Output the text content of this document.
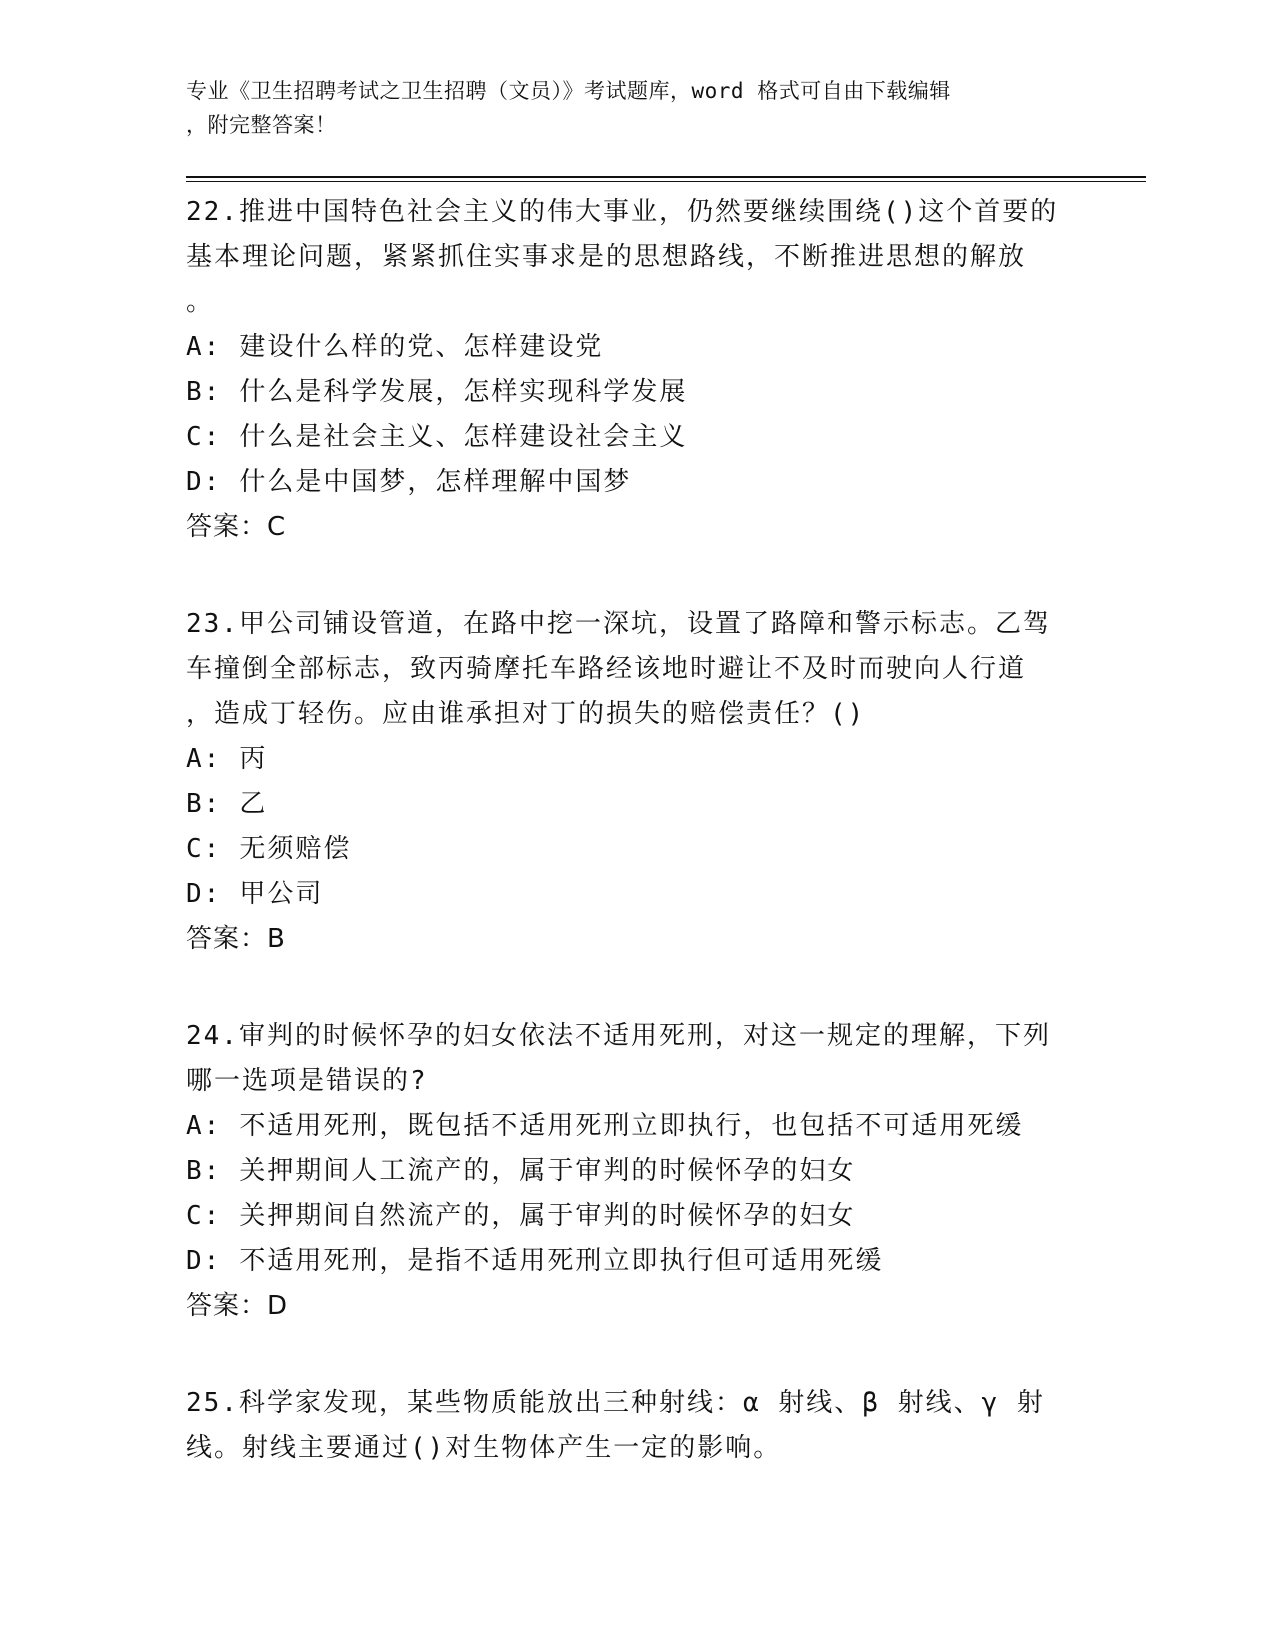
专业《卫生招聘考试之卫生招聘（文员）》考试题库，word 格式可自由下载编辑
，附完整答案！
22.推进中国特色社会主义的伟大事业，仍然要继续围绕()这个首要的
基本理论问题，紧紧抓住实事求是的思想路线，不断推进思想的解放
。
A: 建设什么样的党、怎样建设党
B: 什么是科学发展，怎样实现科学发展
C: 什么是社会主义、怎样建设社会主义
D: 什么是中国梦，怎样理解中国梦
答案：C
23.甲公司铺设管道，在路中挖一深坑，设置了路障和警示标志。乙驾
车撞倒全部标志，致丙骑摩托车路经该地时避让不及时而驶向人行道
，造成丁轻伤。应由谁承担对丁的损失的赔偿责任？()
A: 丙
B: 乙
C: 无须赔偿
D: 甲公司
答案：B
24.审判的时候怀孕的妇女依法不适用死刑，对这一规定的理解，下列
哪一选项是错误的?
A: 不适用死刑，既包括不适用死刑立即执行，也包括不可适用死缓
B: 关押期间人工流产的，属于审判的时候怀孕的妇女
C: 关押期间自然流产的，属于审判的时候怀孕的妇女
D: 不适用死刑，是指不适用死刑立即执行但可适用死缓
答案：D
25.科学家发现，某些物质能放出三种射线：α 射线、β 射线、γ 射
线。射线主要通过()对生物体产生一定的影响。
